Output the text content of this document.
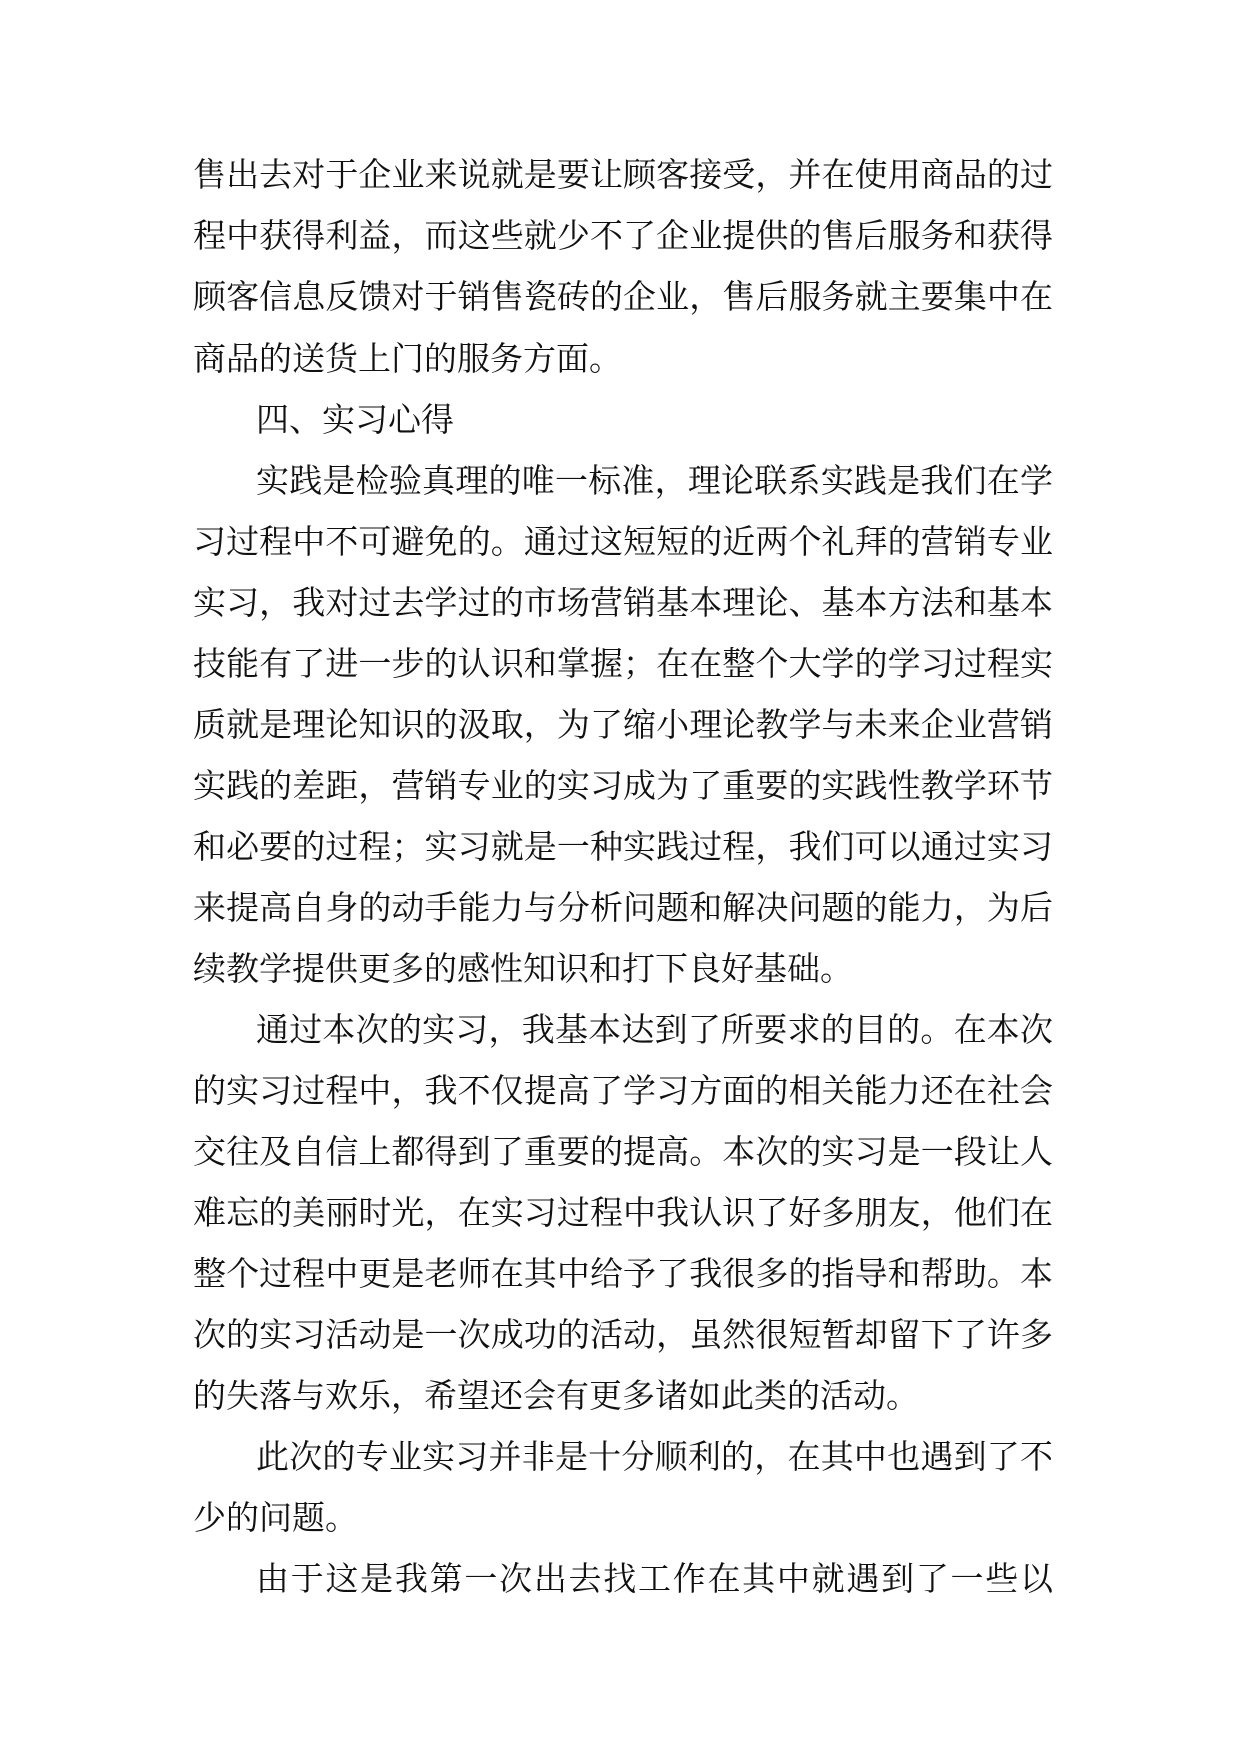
售出去对于企业来说就是要让顾客接受，并在使用商品的过
程中获得利益，而这些就少不了企业提供的售后服务和获得
顾客信息反馈对于销售瓷砖的企业，售后服务就主要集中在
商品的送货上门的服务方面。
四、实习心得
实践是检验真理的唯一标准，理论联系实践是我们在学
习过程中不可避免的。通过这短短的近两个礼拜的营销专业
实习，我对过去学过的市场营销基本理论、基本方法和基本
技能有了进一步的认识和掌握；在在整个大学的学习过程实
质就是理论知识的汲取，为了缩小理论教学与未来企业营销
实践的差距，营销专业的实习成为了重要的实践性教学环节
和必要的过程；实习就是一种实践过程，我们可以通过实习
来提高自身的动手能力与分析问题和解决问题的能力，为后
续教学提供更多的感性知识和打下良好基础。
通过本次的实习，我基本达到了所要求的目的。在本次
的实习过程中，我不仅提高了学习方面的相关能力还在社会
交往及自信上都得到了重要的提高。本次的实习是一段让人
难忘的美丽时光，在实习过程中我认识了好多朋友，他们在
整个过程中更是老师在其中给予了我很多的指导和帮助。本
次的实习活动是一次成功的活动，虽然很短暂却留下了许多
的失落与欢乐，希望还会有更多诸如此类的活动。
此次的专业实习并非是十分顺利的，在其中也遇到了不
少的问题。
由于这是我第一次出去找工作在其中就遇到了一些以
